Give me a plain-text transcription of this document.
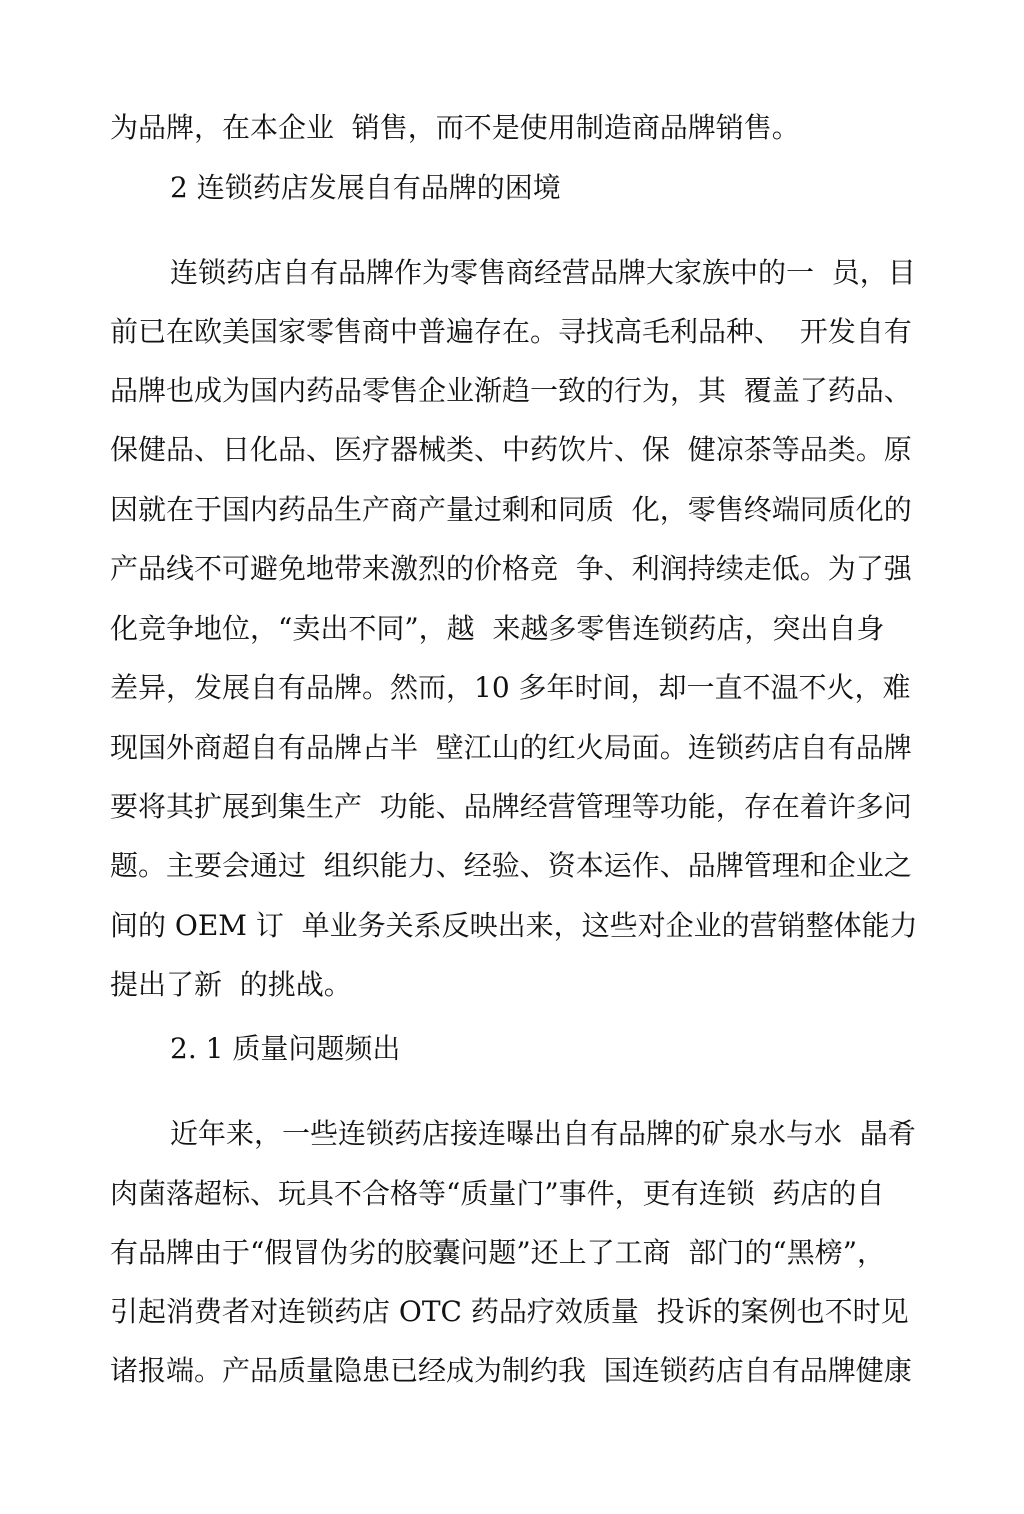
为品牌，在本企业  销售，而不是使用制造商品牌销售。
2 连锁药店发展自有品牌的困境
连锁药店自有品牌作为零售商经营品牌大家族中的一  员，目
前已在欧美国家零售商中普遍存在。寻找高毛利品种、  开发自有
品牌也成为国内药品零售企业渐趋一致的行为，其  覆盖了药品、
保健品、日化品、医疗器械类、中药饮片、保  健凉茶等品类。原
因就在于国内药品生产商产量过剩和同质  化，零售终端同质化的
产品线不可避免地带来激烈的价格竞  争、利润持续走低。为了强
化竞争地位，“卖出不同”，越  来越多零售连锁药店，突出自身
差异，发展自有品牌。然而，10 多年时间，却一直不温不火，难
现国外商超自有品牌占半  壁江山的红火局面。连锁药店自有品牌
要将其扩展到集生产  功能、品牌经营管理等功能，存在着许多问
题。主要会通过  组织能力、经验、资本运作、品牌管理和企业之
间的 OEM 订  单业务关系反映出来，这些对企业的营销整体能力
提出了新  的挑战。
2. 1 质量问题频出
近年来，一些连锁药店接连曝出自有品牌的矿泉水与水  晶肴
肉菌落超标、玩具不合格等“质量门”事件，更有连锁  药店的自
有品牌由于“假冒伪劣的胶囊问题”还上了工商  部门的“黑榜”，
引起消费者对连锁药店 OTC 药品疗效质量  投诉的案例也不时见
诸报端。产品质量隐患已经成为制约我  国连锁药店自有品牌健康
